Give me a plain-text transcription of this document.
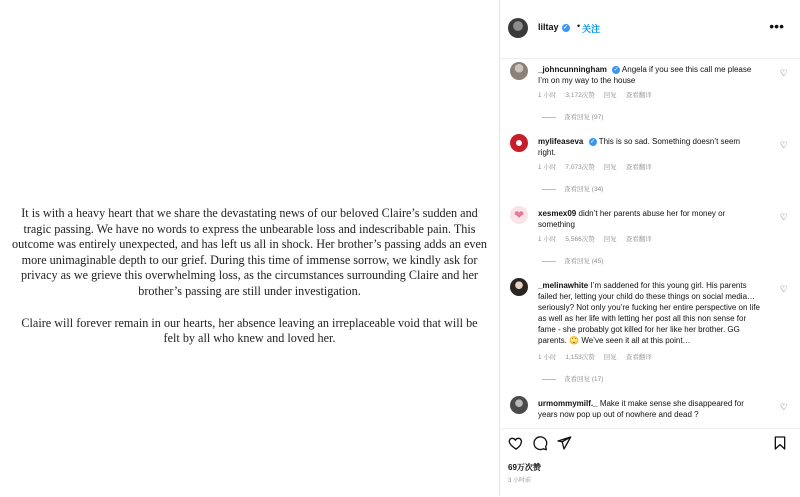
It is with a heavy heart that we share the devastating news of our beloved Claire’s sudden and tragic passing. We have no words to express the unbearable loss and indescribable pain. This outcome was entirely unexpected, and has left us all in shock. Her brother’s passing adds an even more unimaginable depth to our grief. During this time of immense sorrow, we kindly ask for privacy as we grieve this overwhelming loss, as the circumstances surrounding Claire and her brother’s passing are still under investigation.

Claire will forever remain in our hearts, her absence leaving an irreplaceable void that will be felt by all who knew and loved her.

liltay ✓ • 关注	•••
_johncunningham ✓ Angela if you see this call me please I’m on my way to the house
♡
1 小时 3,172次赞 回复 查看翻译
查看回复 (97)
mylifeaseva ✓ This is so sad. Something doesn’t seem right.
♡
1 小时 7,073次赞 回复 查看翻译
查看回复 (34)
❤	xesmex09 didn’t her parents abuse her for money or something
♡
1 小时 5,566次赞 回复 查看翻译
查看回复 (45)
_melinawhite I’m saddened for this young girl. His parents failed her, letting your child do these things on social media… seriously? Not only you’re fucking her entire perspective on life as well as her life with letting her post all this non sense for fame - she probably got killed for her like her brother. GG parents. 🙄 We’ve seen it all at this point…
♡
1 小时 1,153次赞 回复 查看翻译
查看回复 (17)
urmommymilf._ Make it make sense she disappeared for years now pop up out of nowhere and dead ?
♡
69万次赞
3 小时前
